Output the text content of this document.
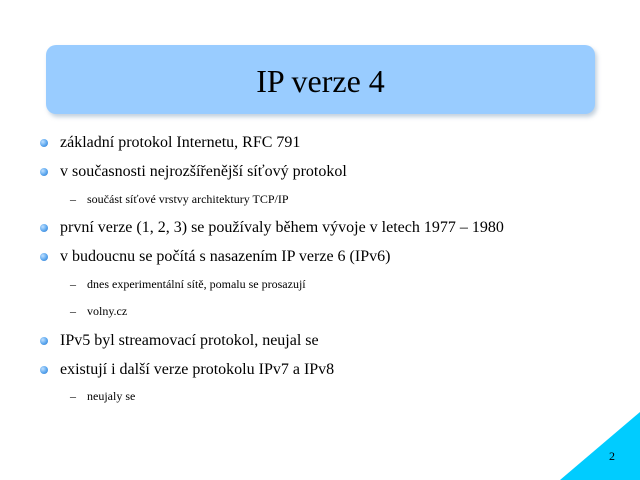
IP verze 4
základní protokol Internetu, RFC 791
v současnosti nejrozšířenější síťový protokol
– součást síťové vrstvy architektury TCP/IP
první verze (1, 2, 3) se používaly během vývoje v letech 1977 – 1980
v budoucnu se počítá s nasazením IP verze 6 (IPv6)
– dnes experimentální sítě, pomalu se prosazují
– volny.cz
IPv5 byl streamovací protokol, neujal se
existují i další verze protokolu IPv7 a IPv8
– neujaly se
2
